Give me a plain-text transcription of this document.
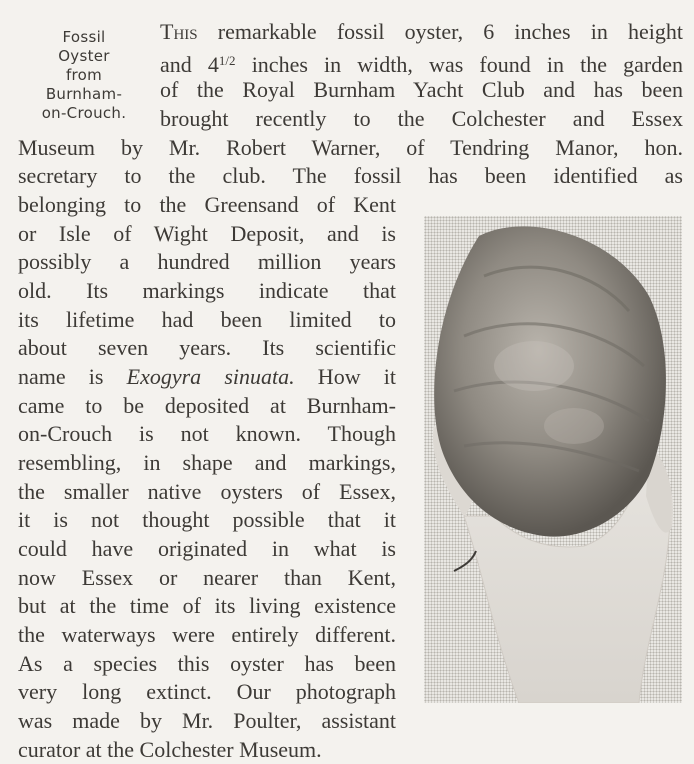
Fossil
Oyster
from
Burnham-
on-Crouch.
This remarkable fossil oyster, 6 inches in height
and $4^{1/2}$ inches in width, was found in the garden
of the Royal Burnham Yacht Club and has been
brought recently to the Colchester and Essex
Museum by Mr. Robert Warner, of Tendring Manor, hon.
secretary to the club. The fossil has been identified as
belonging to the Greensand of Kent
or Isle of Wight Deposit, and is
possibly a hundred million years
old. Its markings indicate that
its lifetime had been limited to
about seven years. Its scientific
name is Exogyra sinuata. How it
came to be deposited at Burnham-
on-Crouch is not known. Though
resembling, in shape and markings,
the smaller native oysters of Essex,
it is not thought possible that it
could have originated in what is
now Essex or nearer than Kent,
but at the time of its living existence
the waterways were entirely different.
As a species this oyster has been
very long extinct. Our photograph
was made by Mr. Poulter, assistant
curator at the Colchester Museum.
